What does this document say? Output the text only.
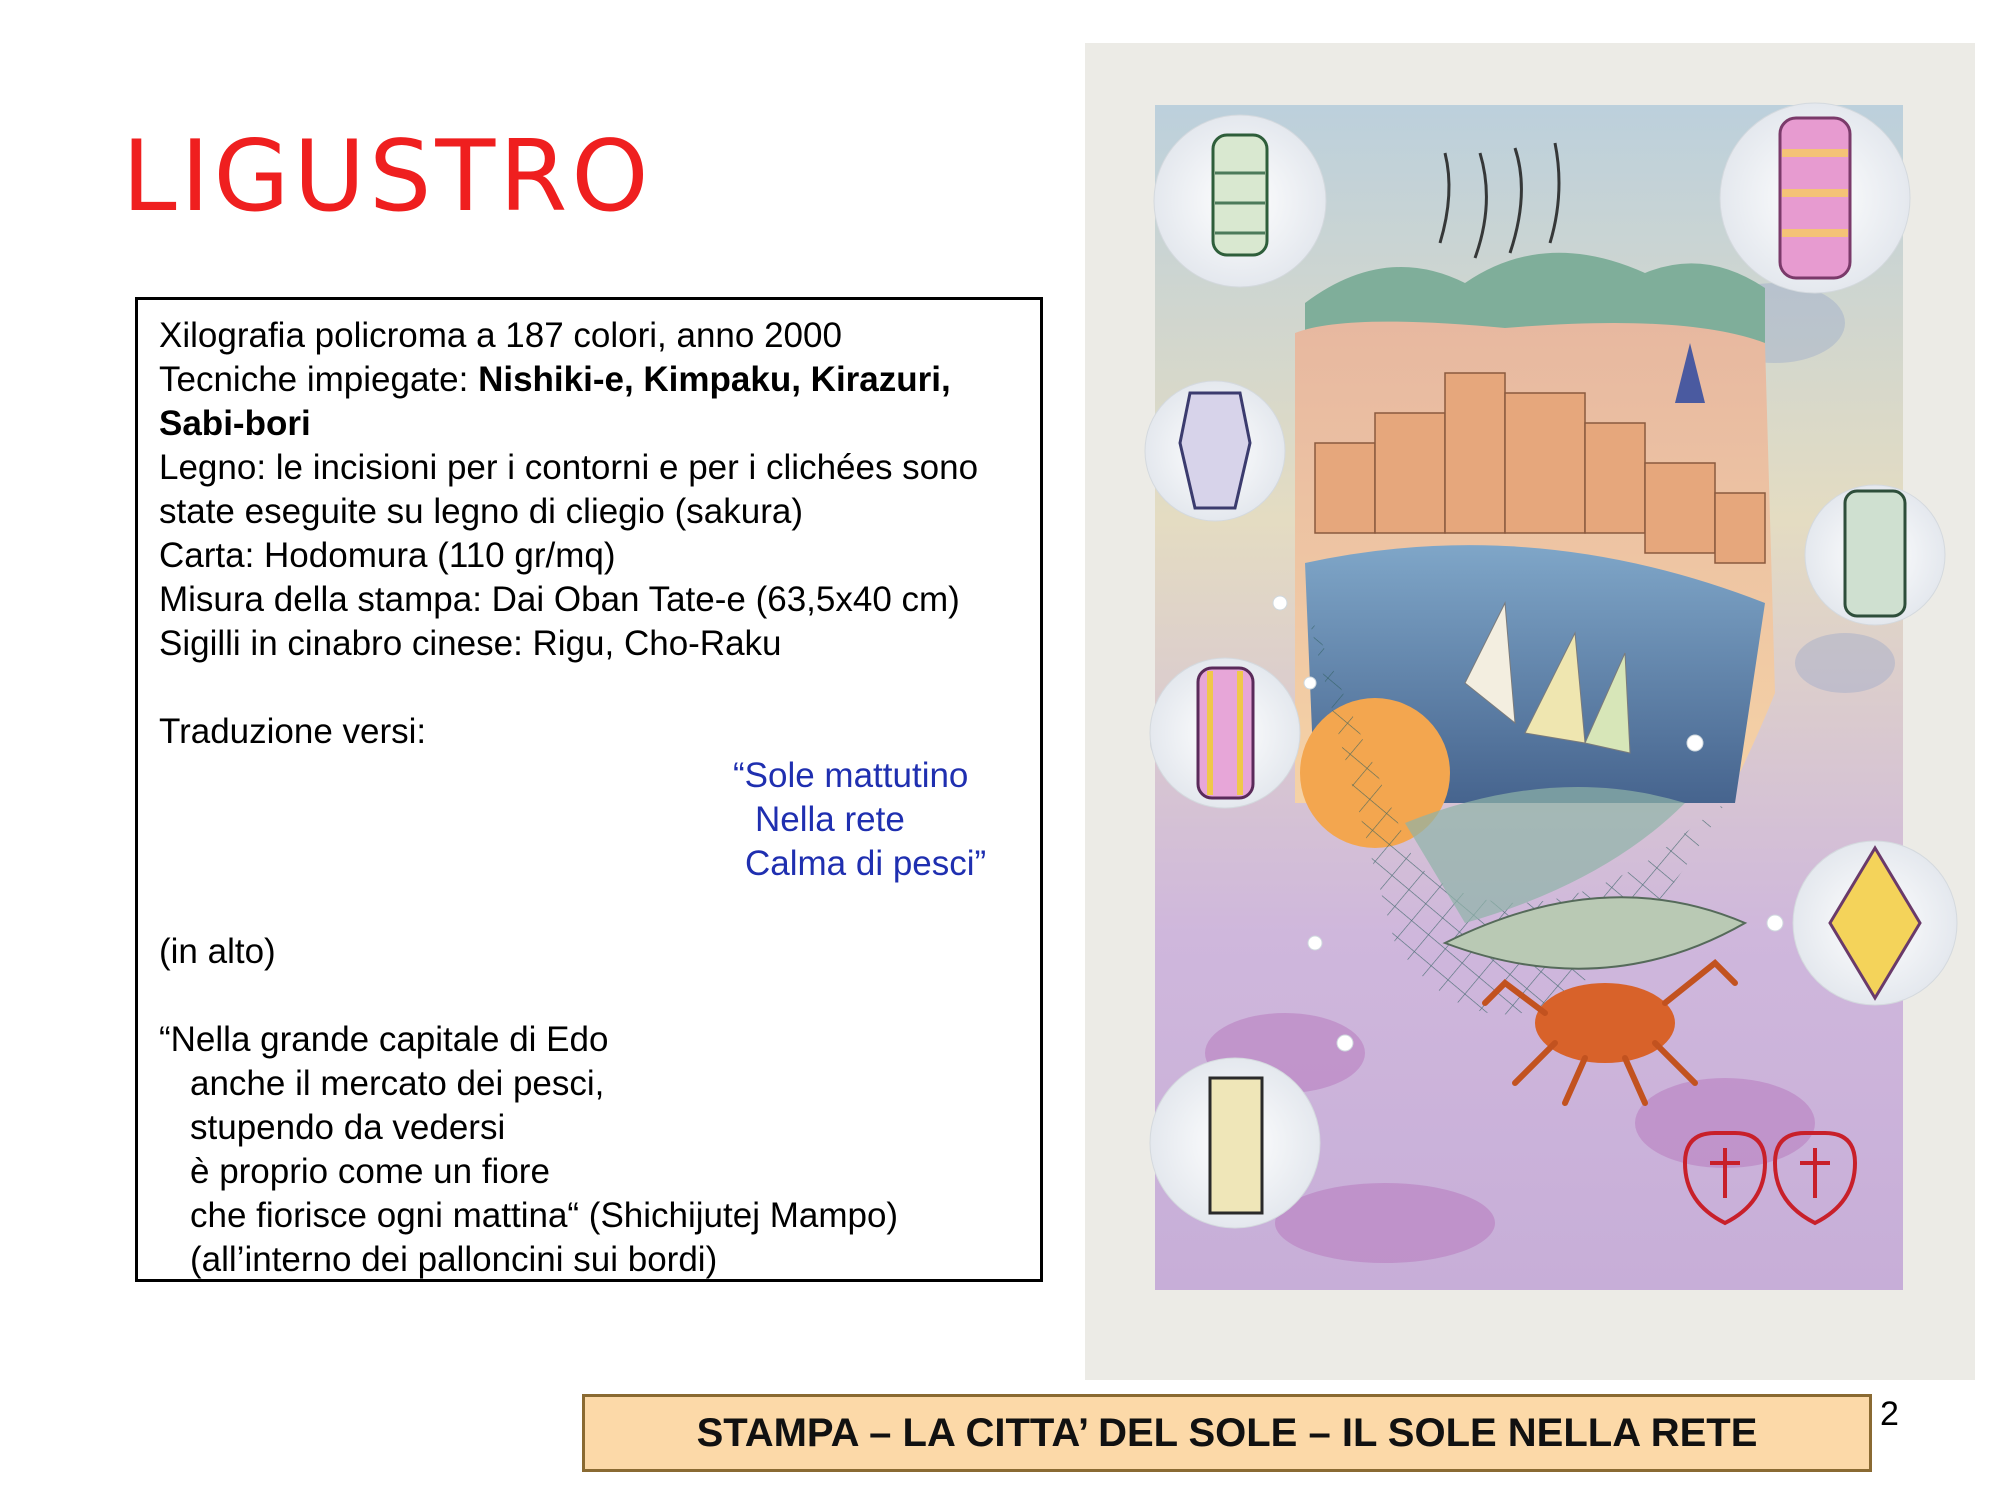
LIGUSTRO
Xilografia policroma a 187 colori, anno 2000
Tecniche impiegate: Nishiki-e, Kimpaku, Kirazuri,
Sabi-bori
Legno: le incisioni per i contorni e per i clichées sono
state eseguite su legno di cliegio (sakura)
Carta: Hodomura (110 gr/mq)
Misura della stampa: Dai Oban Tate-e (63,5x40 cm)
Sigilli in cinabro cinese: Rigu, Cho-Raku
Traduzione versi:
“Sole mattutino
Nella rete
Calma di pesci”
(in alto)
“Nella grande capitale di Edo
anche il mercato dei pesci,
stupendo da vedersi
è proprio come un fiore
che fiorisce ogni mattina“ (Shichijutej Mampo)
(all’interno dei palloncini sui bordi)
STAMPA – LA CITTA’ DEL SOLE – IL SOLE NELLA RETE	2
